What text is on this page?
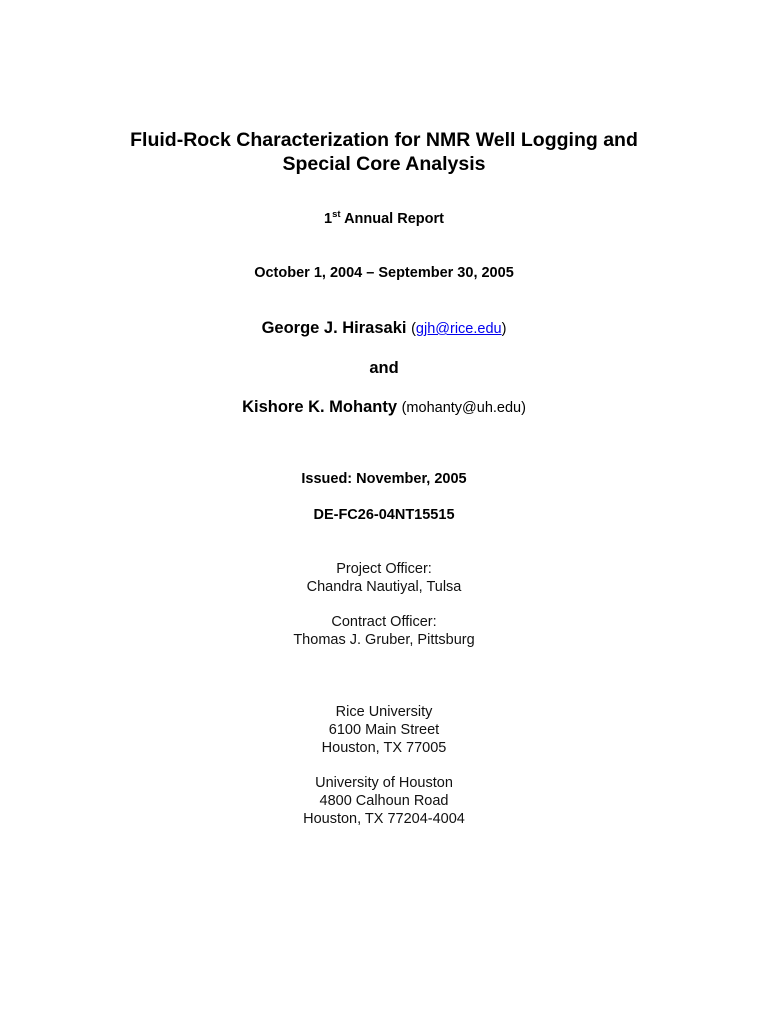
Fluid-Rock Characterization for NMR Well Logging and
Special Core Analysis
1st Annual Report
October 1, 2004 – September 30, 2005
George J. Hirasaki (gjh@rice.edu)
and
Kishore K. Mohanty (mohanty@uh.edu)
Issued: November, 2005
DE-FC26-04NT15515
Project Officer:
Chandra Nautiyal, Tulsa
Contract Officer:
Thomas J. Gruber, Pittsburg
Rice University
6100 Main Street
Houston, TX 77005
University of Houston
4800 Calhoun Road
Houston, TX 77204-4004
